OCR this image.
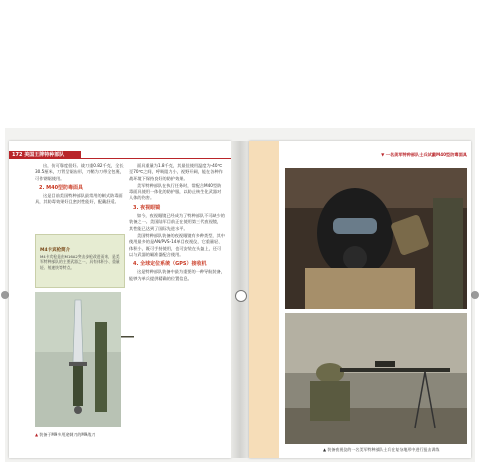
172 美国王牌特种部队

出，仿可靠度很好。战刀重0.82千克，全长30.5厘米，刀背呈锯齿形，刀鞘为刀带全包裹，可作钢锯使用。

2. M40型防毒面具

这是目前美国特种部队最常用的制式防毒面具，其防毒效果好且密封性能好，配戴舒适。

M4卡宾枪简介
M4卡宾枪是由M16A2突击步枪改进而来，是美军特种部队的主要武器之一，具有体积小、重量轻、射速快等特点。
▲ 装备于M9多用途刺刀的M9战刀

面具重量为1.8千克，其最佳使用温度为-40℃至70℃之间，呼吸阻力小，视野开阔，能在各种作战环境下保持良好的防护效果。

美军特种部队在执行任务时，常配合M40型防毒面具使用一体化的防护服，以防止核生化武器对人体的伤害。

3. 夜视眼镜

如今，夜视眼镜已经成为了特种部队不可缺少的装备之一。美国陆军目前正在使用第三代夜视镜，其性能已达到了国际先进水平。

美国特种部队装备的夜视眼镜有多种类型，其中使用最多的是AN/PVS-14单目夜视仪，它重量轻、体积小，既可手持使用，也可安装在头盔上，还可以与武器的瞄准器配合使用。

4. 全球定位系统（GPS）接收机

这是特种部队装备中最为重要的一种导航装备，能够为单兵提供精确的位置信息。

▼ 一名美军特种部队士兵试戴M40型防毒面具
▲ 装备夜视仪的一名美军特种部队士兵在复杂地形中进行狙击训练
